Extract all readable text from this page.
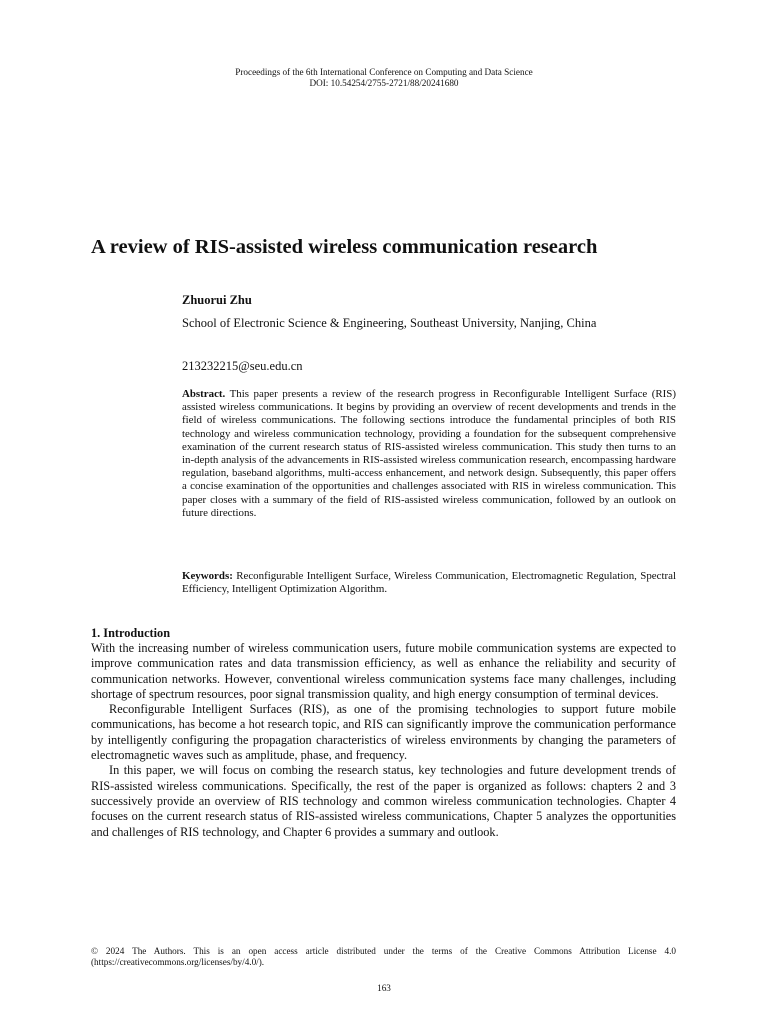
Proceedings of the 6th International Conference on Computing and Data Science
DOI: 10.54254/2755-2721/88/20241680
A review of RIS-assisted wireless communication research
Zhuorui Zhu
School of Electronic Science & Engineering, Southeast University, Nanjing, China
213232215@seu.edu.cn

Abstract. This paper presents a review of the research progress in Reconfigurable Intelligent Surface (RIS) assisted wireless communications. It begins by providing an overview of recent developments and trends in the field of wireless communications. The following sections introduce the fundamental principles of both RIS technology and wireless communication technology, providing a foundation for the subsequent comprehensive examination of the current research status of RIS-assisted wireless communication. This study then turns to an in-depth analysis of the advancements in RIS-assisted wireless communication research, encompassing hardware regulation, baseband algorithms, multi-access enhancement, and network design. Subsequently, this paper offers a concise examination of the opportunities and challenges associated with RIS in wireless communication. This paper closes with a summary of the field of RIS-assisted wireless communication, followed by an outlook on future directions.

Keywords: Reconfigurable Intelligent Surface, Wireless Communication, Electromagnetic Regulation, Spectral Efficiency, Intelligent Optimization Algorithm.

1. Introduction

With the increasing number of wireless communication users, future mobile communication systems are expected to improve communication rates and data transmission efficiency, as well as enhance the reliability and security of communication networks. However, conventional wireless communication systems face many challenges, including shortage of spectrum resources, poor signal transmission quality, and high energy consumption of terminal devices.

Reconfigurable Intelligent Surfaces (RIS), as one of the promising technologies to support future mobile communications, has become a hot research topic, and RIS can significantly improve the communication performance by intelligently configuring the propagation characteristics of wireless environments by changing the parameters of electromagnetic waves such as amplitude, phase, and frequency.

In this paper, we will focus on combing the research status, key technologies and future development trends of RIS-assisted wireless communications. Specifically, the rest of the paper is organized as follows: chapters 2 and 3 successively provide an overview of RIS technology and common wireless communication technologies. Chapter 4 focuses on the current research status of RIS-assisted wireless communications, Chapter 5 analyzes the opportunities and challenges of RIS technology, and Chapter 6 provides a summary and outlook.

© 2024 The Authors. This is an open access article distributed under the terms of the Creative Commons Attribution License 4.0 (https://creativecommons.org/licenses/by/4.0/).

163
